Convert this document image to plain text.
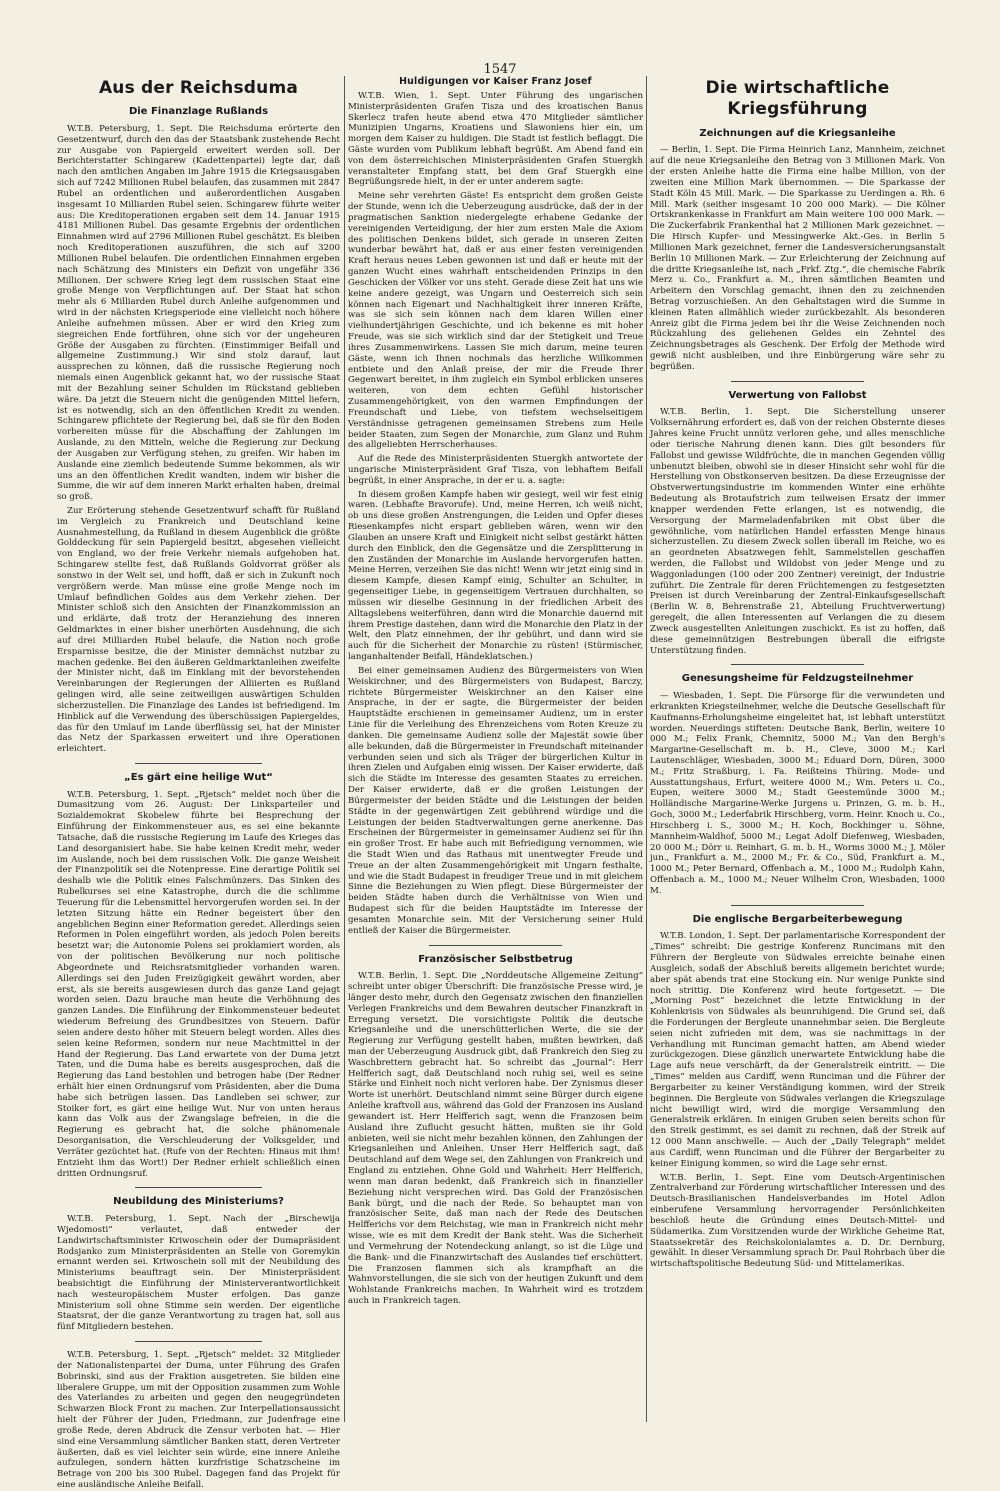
1547
Aus der Reichsduma
Die Finanzlage Rußlands

W.T.B. Petersburg, 1. Sept. Die Reichsduma erörterte den Gesetzentwurf, durch den das der Staatsbank zustehende Recht zur Ausgabe von Papiergeld erweitert werden soll. Der Berichterstatter Schingarew (Kadettenpartei) legte dar, daß nach den amtlichen Angaben im Jahre 1915 die Kriegsausgaben sich auf 7242 Millionen Rubel belaufen, das zusammen mit 2847 Rubel an ordentlichen und außerordentlichen Ausgaben insgesamt 10 Milliarden Rubel seien. Schingarew führte weiter aus: Die Kreditoperationen ergaben seit dem 14. Januar 1915 4181 Millionen Rubel. Das gesamte Ergebnis der ordentlichen Einnahmen wird auf 2796 Millionen Rubel geschätzt. Es bleiben noch Kreditoperationen auszuführen, die sich auf 3200 Millionen Rubel belaufen. Die ordentlichen Einnahmen ergeben nach Schätzung des Ministers ein Defizit von ungefähr 336 Millionen. Der schwere Krieg legt dem russischen Staat eine große Menge von Verpflichtungen auf. Der Staat hat schon mehr als 6 Milliarden Rubel durch Anleihe aufgenommen und wird in der nächsten Kriegsperiode eine vielleicht noch höhere Anleihe aufnehmen müssen. Aber er wird den Krieg zum siegreichen Ende fortführen, ohne sich vor der ungeheuren Größe der Ausgaben zu fürchten. (Einstimmiger Beifall und allgemeine Zustimmung.) Wir sind stolz darauf, laut aussprechen zu können, daß die russische Regierung noch niemals einen Augenblick gekannt hat, wo der russische Staat mit der Bezahlung seiner Schulden im Rückstand geblieben wäre. Da jetzt die Steuern nicht die genügenden Mittel liefern, ist es notwendig, sich an den öffentlichen Kredit zu wenden. Schingarew pflichtete der Regierung bei, daß sie für den Boden vorbereiten müsse für die Abschaffung der Zahlungen im Auslande, zu den Mitteln, welche die Regierung zur Deckung der Ausgaben zur Verfügung stehen, zu greifen. Wir haben im Auslande eine ziemlich bedeutende Summe bekommen, als wir uns an den öffentlichen Kredit wandten, indem wir bisher die Summe, die wir auf dem inneren Markt erhalten haben, dreimal so groß.

Zur Erörterung stehende Gesetzentwurf schafft für Rußland im Vergleich zu Frankreich und Deutschland keine Ausnahmestellung, da Rußland in diesem Augenblick die größte Golddeckung für sein Papiergeld besitzt, abgesehen vielleicht von England, wo der freie Verkehr niemals aufgehoben hat. Schingarew stellte fest, daß Rußlands Goldvorrat größer als sonstwo in der Welt sei, und hofft, daß er sich in Zukunft noch vergrößern werde. Man müsse eine große Menge noch im Umlauf befindlichen Goldes aus dem Verkehr ziehen. Der Minister schloß sich den Ansichten der Finanzkommission an und erklärte, daß trotz der Heranziehung des inneren Geldmarktes in einer bisher unerhörten Ausdehnung, die sich auf drei Milliarden Rubel belaufe, die Nation noch große Ersparnisse besitze, die der Minister demnächst nutzbar zu machen gedenke. Bei den äußeren Geldmarktanleihen zweifelte der Minister nicht, daß im Einklang mit der bevorstehenden Vereinbarungen der Regierungen der Alliierten es Rußland gelingen wird, alle seine zeitweiligen auswärtigen Schulden sicherzustellen. Die Finanzlage des Landes ist befriedigend. Im Hinblick auf die Verwendung des überschüssigen Papiergeldes, das für den Umlauf im Lande überflüssig sei, hat der Minister das Netz der Sparkassen erweitert und ihre Operationen erleichtert.

„Es gärt eine heilige Wut“

W.T.B. Petersburg, 1. Sept. „Rjetsch“ meldet noch über die Dumasitzung vom 26. August: Der Linksparteiler und Sozialdemokrat Skobelew führte bei Besprechung der Einführung der Einkommensteuer aus, es sei eine bekannte Tatsache, daß die russische Regierung im Laufe des Krieges das Land desorganisiert habe. Sie habe keinen Kredit mehr, weder im Auslande, noch bei dem russischen Volk. Die ganze Weisheit der Finanzpolitik sei die Notenpresse. Eine derartige Politik sei deshalb wie die Politik eines Falschmünzers. Das Sinken des Rubelkurses sei eine Katastrophe, durch die die schlimme Teuerung für die Lebensmittel hervorgerufen worden sei. In der letzten Sitzung hätte ein Redner begeistert über den angeblichen Beginn einer Reformation geredet. Allerdings seien Reformen in Polen eingeführt worden, als jedoch Polen bereits besetzt war; die Autonomie Polens sei proklamiert worden, als von der politischen Bevölkerung nur noch politische Abgeordnete und Reichsratsmitglieder vorhanden waren. Allerdings sei den Juden Freizügigkeit gewährt worden, aber erst, als sie bereits ausgewiesen durch das ganze Land gejagt worden seien. Dazu brauche man heute die Verhöhnung des ganzen Landes. Die Einführung der Einkommensteuer bedeutet wiederum Befreiung des Grundbesitzes von Steuern. Dafür seien andere desto höher mit Steuern belegt worden. Alles dies seien keine Reformen, sondern nur neue Machtmittel in der Hand der Regierung. Das Land erwartete von der Duma jetzt Taten, und die Duma habe es bereits ausgesprochen, daß die Regierung das Land bestohlen und betrogen habe (Der Redner erhält hier einen Ordnungsruf vom Präsidenten, aber die Duma habe sich betrügen lassen. Das Landleben sei schwer, zur Stoiker fort, es gärt eine heilige Wut. Nur von unten heraus kann das Volk aus der Zwangslage befreien, in die die Regierung es gebracht hat, die solche phänomenale Desorganisation, die Verschleuderung der Volksgelder, und Verräter gezüchtet hat. (Rufe von der Rechten: Hinaus mit ihm! Entzieht ihm das Wort!) Der Redner erhielt schließlich einen dritten Ordnungsruf.

Neubildung des Ministeriums?

W.T.B. Petersburg, 1. Sept. Nach der „Birschewija Wjedomosti“ verlautet, daß entweder der Landwirtschaftsminister Kriwoschein oder der Dumapräsident Rodsjanko zum Ministerpräsidenten an Stelle von Goremykin ernannt werden sei. Kriwoschein soll mit der Neubildung des Ministeriums beauftragt sein. Der Ministerpräsident beabsichtigt die Einführung der Ministerverantwortlichkeit nach westeuropäischem Muster erfolgen. Das ganze Ministerium soll ohne Stimme sein werden. Der eigentliche Staatsrat, der die ganze Verantwortung zu tragen hat, soll aus fünf Mitgliedern bestehen.

W.T.B. Petersburg, 1. Sept. „Rjetsch“ meldet: 32 Mitglieder der Nationalistenpartei der Duma, unter Führung des Grafen Bobrinski, sind aus der Fraktion ausgetreten. Sie bilden eine liberalere Gruppe, um mit der Opposition zusammen zum Wohle des Vaterlandes zu arbeiten und gegen den neugegründeten Schwarzen Block Front zu machen. Zur Interpellationsaussicht hielt der Führer der Juden, Friedmann, zur Judenfrage eine große Rede, deren Abdruck die Zensur verboten hat. — Hier sind eine Versammlung sämtlicher Banken statt, deren Vertreter äußerten, daß es viel leichter sein würde, eine innere Anleihe aufzulegen, sondern hätten kurzfristige Schatzscheine im Betrage von 200 bis 300 Rubel. Dagegen fand das Projekt für eine ausländische Anleihe Beifall.

Huldigungen vor Kaiser Franz Josef

W.T.B. Wien, 1. Sept. Unter Führung des ungarischen Ministerpräsidenten Grafen Tisza und des kroatischen Banus Skerlecz trafen heute abend etwa 470 Mitglieder sämtlicher Munizipien Ungarns, Kroatiens und Slawoniens hier ein, um morgen dem Kaiser zu huldigen. Die Stadt ist festlich beflaggt. Die Gäste wurden vom Publikum lebhaft begrüßt. Am Abend fand ein von dem österreichischen Ministerpräsidenten Grafen Stuergkh veranstalteter Empfang statt, bei dem Graf Stuergkh eine Begrüßungsrede hielt, in der er unter anderem sagte:

Meine sehr verehrten Gäste! Es entspricht dem großen Geiste der Stunde, wenn ich die Ueberzeugung ausdrücke, daß der in der pragmatischen Sanktion niedergelegte erhabene Gedanke der vereinigenden Verteidigung, der hier zum ersten Male die Axiom des politischen Denkens bildet, sich gerade in unseren Zeiten wunderbar bewährt hat, daß er aus einer festen vereinigenden Kraft heraus neues Leben gewonnen ist und daß er heute mit der ganzen Wucht eines wahrhaft entscheidenden Prinzips in den Geschicken der Völker vor uns steht. Gerade diese Zeit hat uns wie keine andere gezeigt, was Ungarn und Oesterreich sich sein können nach Eigenart und Nachhaltigkeit ihrer inneren Kräfte, was sie sich sein können nach dem klaren Willen einer vielhundertjährigen Geschichte, und ich bekenne es mit hoher Freude, was sie sich wirklich sind dar der Stetigkeit und Treue ihres Zusammenwirkens. Lassen Sie mich darum, meine teuren Gäste, wenn ich Ihnen nochmals das herzliche Willkommen entbiete und den Anlaß preise, der mir die Freude Ihrer Gegenwart bereitet, in ihm zugleich ein Symbol erblicken unseres weiteren, von dem echten Gefühl historischer Zusammengehörigkeit, von den warmen Empfindungen der Freundschaft und Liebe, von tiefstem wechselseitigem Verständnisse getragenen gemeinsamen Strebens zum Heile beider Staaten, zum Segen der Monarchie, zum Glanz und Ruhm des allgeliebten Herrscherhauses.

Auf die Rede des Ministerpräsidenten Stuergkh antwortete der ungarische Ministerpräsident Graf Tisza, von lebhaftem Beifall begrüßt, in einer Ansprache, in der er u. a. sagte:

In diesem großen Kampfe haben wir gesiegt, weil wir fest einig waren. (Lebhafte Bravorufe). Und, meine Herren, ich weiß nicht, ob uns diese großen Anstrengungen, die Leiden und Opfer dieses Riesenkampfes nicht erspart geblieben wären, wenn wir den Glauben an unsere Kraft und Einigkeit nicht selbst gestärkt hätten durch den Einblick, den die Gegensätze und die Zersplitterung in den Zuständen der Monarchie im Auslande hervorgerufen hatten. Meine Herren, verzeihen Sie das nicht! Wenn wir jetzt einig sind in diesem Kampfe, diesen Kampf einig, Schulter an Schulter, in gegenseitiger Liebe, in gegenseitigem Vertrauen durchhalten, so müssen wir dieselbe Gesinnung in der friedlichen Arbeit des Alltagslebens weiterführen, dann wird die Monarchie dauernd mit ihrem Prestige dastehen, dann wird die Monarchie den Platz in der Welt, den Platz einnehmen, der ihr gebührt, und dann wird sie auch für die Sicherheit der Monarchie zu rüsten! (Stürmischer, langanhaltender Beifall, Händeklatschen.)

Bei einer gemeinsamen Audienz des Bürgermeisters von Wien Weiskirchner, und des Bürgermeisters von Budapest, Barczy, richtete Bürgermeister Weiskirchner an den Kaiser eine Ansprache, in der er sagte, die Bürgermeister der beiden Hauptstädte erschienen in gemeinsamer Audienz, um in erster Linie für die Verleihung des Ehrenzeichens vom Roten Kreuze zu danken. Die gemeinsame Audienz solle der Majestät sowie über alle bekunden, daß die Bürgermeister in Freundschaft miteinander verbunden seien und sich als Träger der bürgerlichen Kultur in ihren Zielen und Aufgaben einig wissen. Der Kaiser erwiderte, daß sich die Städte im Interesse des gesamten Staates zu erreichen. Der Kaiser erwiderte, daß er die großen Leistungen der Bürgermeister der beiden Städte und die Leistungen der beiden Städte in der gegenwärtigen Zeit gebührend würdige und die Leistungen der beiden Stadtverwaltungen gerne anerkenne. Das Erscheinen der Bürgermeister in gemeinsamer Audienz sei für ihn ein großer Trost. Er habe auch mit Befriedigung vernommen, wie die Stadt Wien und das Rathaus mit unentwegter Freude und Treue an der alten Zusammengehörigkeit mit Ungarn festhalte, und wie die Stadt Budapest in freudiger Treue und in mit gleichem Sinne die Beziehungen zu Wien pflegt. Diese Bürgermeister der beiden Städte haben durch die Verhältnisse von Wien und Budapest sich für die beiden Hauptstädte im Interesse der gesamten Monarchie sein. Mit der Versicherung seiner Huld entließ der Kaiser die Bürgermeister.

Französischer Selbstbetrug

W.T.B. Berlin, 1. Sept. Die „Norddeutsche Allgemeine Zeitung“ schreibt unter obiger Überschrift: Die französische Presse wird, je länger desto mehr, durch den Gegensatz zwischen den finanziellen Verlegen Frankreichs und dem Bewahren deutscher Finanzkraft in Erregung versetzt. Die vorsichtigste Politik die deutsche Kriegsanleihe und die unerschütterlichen Werte, die sie der Regierung zur Verfügung gestellt haben, mußten bewirken, daß man der Ueberzeugung Ausdruck gibt, daß Frankreich den Sieg zu Waschbrettern gebracht hat. So schreibt das „Journal“: Herr Helfferich sagt, daß Deutschland noch ruhig sei, weil es seine Stärke und Einheit noch nicht verloren habe. Der Zynismus dieser Worte ist unerhört. Deutschland nimmt seine Bürger durch eigene Anleihe kraftvoll aus, während das Gold der Franzosen ins Ausland gewandert ist. Herr Helfferich sagt, wenn die Franzosen beim Ausland ihre Zuflucht gesucht hätten, mußten sie ihr Gold anbieten, weil sie nicht mehr bezahlen können, den Zahlungen der Kriegsanleihen und Anleihen. Unser Herr Helfferich sagt, daß Deutschland auf dem Wege sei, den Zahlungen von Frankreich und England zu entziehen. Ohne Gold und Wahrheit: Herr Helfferich, wenn man daran bedenkt, daß Frankreich sich in finanzieller Beziehung nicht versprechen wird. Das Gold der Französischen Bank bürgt, und die nach der Rede. So behauptet man von französischer Seite, daß man nach der Rede des Deutschen Helfferichs vor dem Reichstag, wie man in Frankreich nicht mehr wisse, wie es mit dem Kredit der Bank steht. Was die Sicherheit und Vermehrung der Notendeckung anlangt, so ist die Lüge und die Bank- und die Finanzwirtschaft des Auslandes tief erschüttert. Die Franzosen flammen sich als krampfhaft an die Wahnvorstellungen, die sie sich von der heutigen Zukunft und dem Wohlstande Frankreichs machen. In Wahrheit wird es trotzdem auch in Frankreich tagen.

Die wirtschaftliche Kriegsführung
Zeichnungen auf die Kriegsanleihe

— Berlin, 1. Sept. Die Firma Heinrich Lanz, Mannheim, zeichnet auf die neue Kriegsanleihe den Betrag von 3 Millionen Mark. Von der ersten Anleihe hatte die Firma eine halbe Million, von der zweiten eine Million Mark übernommen. — Die Sparkasse der Stadt Köln 45 Mill. Mark. — Die Sparkasse zu Uerdingen a. Rh. 6 Mill. Mark (seither insgesamt 10 200 000 Mark). — Die Kölner Ortskrankenkasse in Frankfurt am Main weitere 100 000 Mark. — Die Zuckerfabrik Frankenthal hat 2 Millionen Mark gezeichnet. — Die Hirsch Kupfer- und Messingwerke Akt.-Ges. in Berlin 5 Millionen Mark gezeichnet, ferner die Landesversicherungsanstalt Berlin 10 Millionen Mark. — Zur Erleichterung der Zeichnung auf die dritte Kriegsanleihe ist, nach „Frkf. Ztg.“, die chemische Fabrik Merz u. Co., Frankfurt a. M., ihren sämtlichen Beamten und Arbeitern den Vorschlag gemacht, ihnen den zu zeichnenden Betrag vorzuschießen. An den Gehaltstagen wird die Summe in kleinen Raten allmählich wieder zurückbezahlt. Als besonderen Anreiz gibt die Firma jedem bei ihr die Weise Zeichnenden noch Rückzahlung des geliehenen Geldes ein Zehntel des Zeichnungsbetrages als Geschenk. Der Erfolg der Methode wird gewiß nicht ausbleiben, und ihre Einbürgerung wäre sehr zu begrüßen.

Verwertung von Fallobst

W.T.B. Berlin, 1. Sept. Die Sicherstellung unserer Volksernährung erfordert es, daß von der reichen Obsternte dieses Jahres keine Frucht unnütz verloren gehe, und alles menschliche oder tierische Nahrung dienen kann. Dies gilt besonders für Fallobst und gewisse Wildfrüchte, die in manchen Gegenden völlig unbenutzt bleiben, obwohl sie in dieser Hinsicht sehr wohl für die Herstellung von Obstkonserven besitzen. Da diese Erzeugnisse der Obstverwertungsindustrie im kommenden Winter eine erhöhte Bedeutung als Brotaufstrich zum teilweisen Ersatz der immer knapper werdenden Fette erlangen, ist es notwendig, die Versorgung der Marmeladenfabriken mit Obst über die gewöhnliche, vom natürlichen Handel erfassten Menge hinaus sicherzustellen. Zu diesem Zweck sollen überall im Reiche, wo es an geordneten Absatzwegen fehlt, Sammelstellen geschaffen werden, die Fallobst und Wildobst von jeder Menge und zu Waggonladungen (100 oder 200 Zentner) vereinigt, der Industrie zuführt. Die Zentrale für deren Früchtemengen zu festgesetzten Preisen ist durch Vereinbarung der Zentral-Einkaufsgesellschaft (Berlin W. 8, Behrenstraße 21, Abteilung Fruchtverwertung) geregelt, die allen Interessenten auf Verlangen die zu diesem Zweck ausgestellten Anleitungen zuschickt. Es ist zu hoffen, daß diese gemeinnützigen Bestrebungen überall die eifrigste Unterstützung finden.

Genesungsheime für Feldzugsteilnehmer

— Wiesbaden, 1. Sept. Die Fürsorge für die verwundeten und erkrankten Kriegsteilnehmer, welche die Deutsche Gesellschaft für Kaufmanns-Erholungsheime eingeleitet hat, ist lebhaft unterstützt worden. Neuerdings stifteten: Deutsche Bank, Berlin, weitere 10 000 M.; Felix Frank, Chemnitz, 5000 M.; Van den Bergh's Margarine-Gesellschaft m. b. H., Cleve, 3000 M.; Karl Lautenschläger, Wiesbaden, 3000 M.; Eduard Dorn, Düren, 3000 M.; Fritz Straßburg, i. Fa. Reißteins Thüring. Mode- und Ausstattungshaus, Erfurt, weitere 4000 M.; Wm. Peters u. Co., Eupen, weitere 3000 M.; Stadt Geestemünde 3000 M.; Holländische Margarine-Werke Jurgens u. Prinzen, G. m. b. H., Goch, 3000 M.; Lederfabrik Hirschberg, vorm. Heinr. Knoch u. Co., Hirschberg i. S., 3000 M.; H. Koch, Bockhinger u. Söhne, Mannheim-Waldhof, 5000 M.; Legat Adolf Diefenweg, Wiesbaden, 20 000 M.; Dörr u. Reinhart, G. m. b. H., Worms 3000 M.; J. Möler jun., Frankfurt a. M., 2000 M.; Fr. & Co., Süd, Frankfurt a. M., 1000 M.; Peter Bernard, Offenbach a. M., 1000 M.; Rudolph Kahn, Offenbach a. M., 1000 M.; Neuer Wilhelm Cron, Wiesbaden, 1000 M.

Die englische Bergarbeiterbewegung

W.T.B. London, 1. Sept. Der parlamentarische Korrespondent der „Times“ schreibt: Die gestrige Konferenz Runcimans mit den Führern der Bergleute von Südwales erreichte beinahe einen Ausgleich, sodaß der Abschluß bereits allgemein berichtet wurde; aber spät abends trat eine Stockung ein. Nur wenige Punkte sind noch strittig. Die Konferenz wird heute fortgesetzt. — Die „Morning Post“ bezeichnet die letzte Entwicklung in der Kohlenkrisis von Südwales als beunruhigend. Die Grund sei, daß die Forderungen der Bergleute unannehmbar seien. Die Bergleute seien nicht zufrieden mit dem, was sie nachmittags in der Verhandlung mit Runciman gemacht hatten, am Abend wieder zurückgezogen. Diese gänzlich unerwartete Entwicklung habe die Lage aufs neue verschärft, da der Generalstreik eintritt. — Die „Times“ melden aus Cardiff, wenn Runciman und die Führer der Bergarbeiter zu keiner Verständigung kommen, wird der Streik beginnen. Die Bergleute von Südwales verlangen die Kriegszulage nicht bewilligt wird, wird die morgige Versammlung den Generalstreik erklären. In einigen Gruben seien bereits schon für den Streik gestimmt, es sei damit zu rechnen, daß der Streik auf 12 000 Mann anschwelle. — Auch der „Daily Telegraph“ meldet aus Cardiff, wenn Runciman und die Führer der Bergarbeiter zu keiner Einigung kommen, so wird die Lage sehr ernst.

W.T.B. Berlin, 1. Sept. Eine vom Deutsch-Argentinischen Zentralverband zur Förderung wirtschaftlicher Interessen und des Deutsch-Brasilianischen Handelsverbandes im Hotel Adlon einberufene Versammlung hervorragender Persönlichkeiten beschloß heute die Gründung eines Deutsch-Mittel- und Südamerika. Zum Vorsitzenden wurde der Wirkliche Geheime Rat, Staatssekretär des Reichskolonialamtes a. D. Dr. Dernburg, gewählt. In dieser Versammlung sprach Dr. Paul Rohrbach über die wirtschaftspolitische Bedeutung Süd- und Mittelamerikas.
